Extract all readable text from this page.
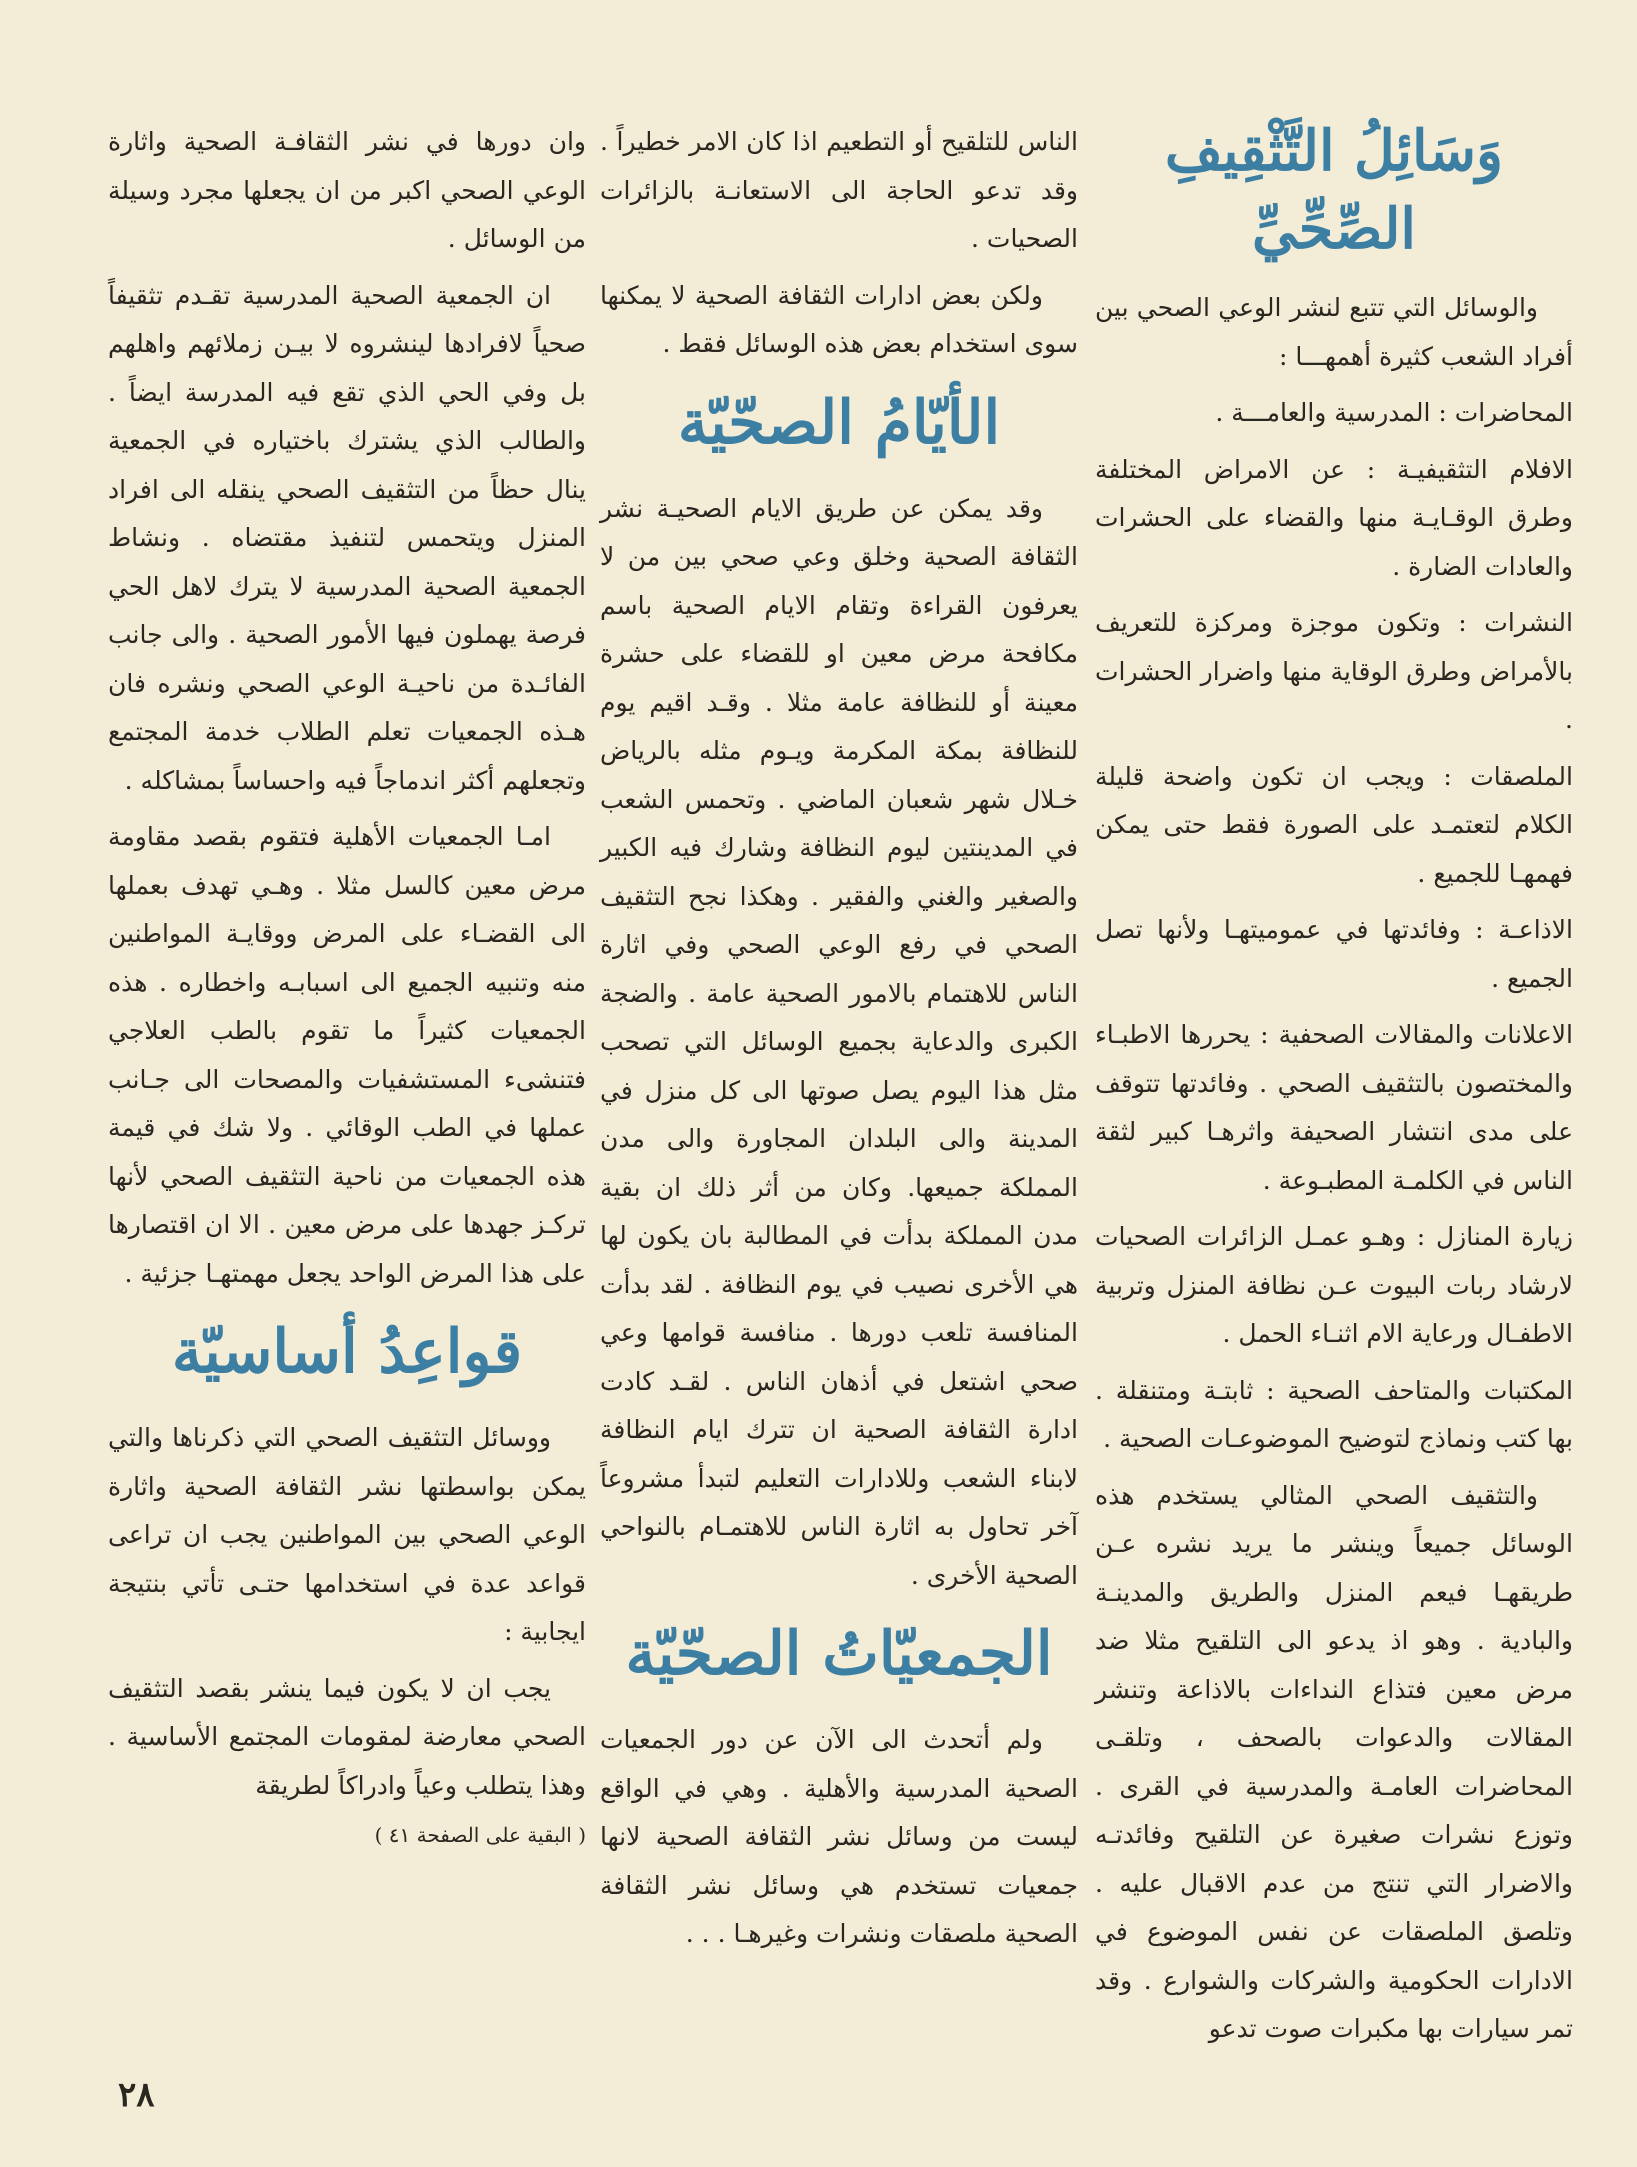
وَسَائِلُ التَّثْقِيفِ الصِّحِّيِّ

والوسائل التي تتبع لنشر الوعي الصحي بين أفراد الشعب كثيرة أهمهـــا :

المحاضرات : المدرسية والعامـــة .

الافلام التثقيفيـة : عن الامراض المختلفة وطرق الوقـايـة منها والقضاء على الحشرات والعادات الضارة .

النشرات : وتكون موجزة ومركزة للتعريف بالأمراض وطرق الوقاية منها واضرار الحشرات .

الملصقات : ويجب ان تكون واضحة قليلة الكلام لتعتمـد على الصورة فقط حتى يمكن فهمهـا للجميع .

الاذاعـة : وفائدتها في عموميتهـا ولأنها تصل الجميع .

الاعلانات والمقالات الصحفية : يحررها الاطبـاء والمختصون بالتثقيف الصحي . وفائدتها تتوقف على مدى انتشار الصحيفة واثرهـا كبير لثقة الناس في الكلمـة المطبـوعة .

زيارة المنازل : وهـو عمـل الزائرات الصحيات لارشاد ربات البيوت عـن نظافة المنزل وتربية الاطفـال ورعاية الام اثنـاء الحمل .

المكتبات والمتاحف الصحية : ثابتـة ومتنقلة . بها كتب ونماذج لتوضيح الموضوعـات الصحية .

والتثقيف الصحي المثالي يستخدم هذه الوسائل جميعاً وينشر ما يريد نشره عـن طريقهـا فيعم المنزل والطريق والمدينـة والبادية . وهو اذ يدعو الى التلقيح مثلا ضد مرض معين فتذاع النداءات بالاذاعة وتنشر المقالات والدعوات بالصحف ، وتلقـى المحاضرات العامـة والمدرسية في القرى . وتوزع نشرات صغيرة عن التلقيح وفائدتـه والاضرار التي تنتج من عدم الاقبال عليه . وتلصق الملصقات عن نفس الموضوع في الادارات الحكومية والشركات والشوارع . وقد تمر سيارات بها مكبرات صوت تدعو

الناس للتلقيح أو التطعيم اذا كان الامر خطيراً . وقد تدعو الحاجة الى الاستعانـة بالزائرات الصحيات .

ولكن بعض ادارات الثقافة الصحية لا يمكنها سوى استخدام بعض هذه الوسائل فقط .

الأيّامُ الصحّيّة

وقد يمكن عن طريق الايام الصحيـة نشر الثقافة الصحية وخلق وعي صحي بين من لا يعرفون القراءة وتقام الايام الصحية باسم مكافحة مرض معين او للقضاء على حشرة معينة أو للنظافة عامة مثلا . وقـد اقيم يوم للنظافة بمكة المكرمة ويـوم مثله بالرياض خـلال شهر شعبان الماضي . وتحمس الشعب في المدينتين ليوم النظافة وشارك فيه الكبير والصغير والغني والفقير . وهكذا نجح التثقيف الصحي في رفع الوعي الصحي وفي اثارة الناس للاهتمام بالامور الصحية عامة . والضجة الكبرى والدعاية بجميع الوسائل التي تصحب مثل هذا اليوم يصل صوتها الى كل منزل في المدينة والى البلدان المجاورة والى مدن المملكة جميعها. وكان من أثر ذلك ان بقية مدن المملكة بدأت في المطالبة بان يكون لها هي الأخرى نصيب في يوم النظافة . لقد بدأت المنافسة تلعب دورها . منافسة قوامها وعي صحي اشتعل في أذهان الناس . لقـد كادت ادارة الثقافة الصحية ان تترك ايام النظافة لابناء الشعب وللادارات التعليم لتبدأ مشروعاً آخر تحاول به اثارة الناس للاهتمـام بالنواحي الصحية الأخرى .

الجمعيّاتُ الصحّيّة

ولم أتحدث الى الآن عن دور الجمعيات الصحية المدرسية والأهلية . وهي في الواقع ليست من وسائل نشر الثقافة الصحية لانها جمعيات تستخدم هي وسائل نشر الثقافة الصحية ملصقات ونشرات وغيرهـا . . .

وان دورها في نشر الثقافـة الصحية واثارة الوعي الصحي اكبر من ان يجعلها مجرد وسيلة من الوسائل .

ان الجمعية الصحية المدرسية تقـدم تثقيفاً صحياً لافرادها لينشروه لا بيـن زملائهم واهلهم بل وفي الحي الذي تقع فيه المدرسة ايضاً . والطالب الذي يشترك باختياره في الجمعية ينال حظاً من التثقيف الصحي ينقله الى افراد المنزل ويتحمس لتنفيذ مقتضاه . ونشاط الجمعية الصحية المدرسية لا يترك لاهل الحي فرصة يهملون فيها الأمور الصحية . والى جانب الفائـدة من ناحيـة الوعي الصحي ونشره فان هـذه الجمعيات تعلم الطلاب خدمة المجتمع وتجعلهم أكثر اندماجاً فيه واحساساً بمشاكله .

امـا الجمعيات الأهلية فتقوم بقصد مقاومة مرض معين كالسل مثلا . وهـي تهدف بعملها الى القضـاء على المرض ووقايـة المواطنين منه وتنبيه الجميع الى اسبابـه واخطاره . هذه الجمعيات كثيراً ما تقوم بالطب العلاجي فتنشىء المستشفيات والمصحات الى جـانب عملها في الطب الوقائي . ولا شك في قيمة هذه الجمعيات من ناحية التثقيف الصحي لأنها تركـز جهدها على مرض معين . الا ان اقتصارها على هذا المرض الواحد يجعل مهمتهـا جزئية .

قواعِدُ أساسيّة

ووسائل التثقيف الصحي التي ذكرناها والتي يمكن بواسطتها نشر الثقافة الصحية واثارة الوعي الصحي بين المواطنين يجب ان تراعى قواعد عدة في استخدامها حتـى تأتي بنتيجة ايجابية :

يجب ان لا يكون فيما ينشر بقصد التثقيف الصحي معارضة لمقومات المجتمع الأساسية . وهذا يتطلب وعياً وادراكاً لطريقة

( البقية على الصفحة ٤١ )
٢٨
